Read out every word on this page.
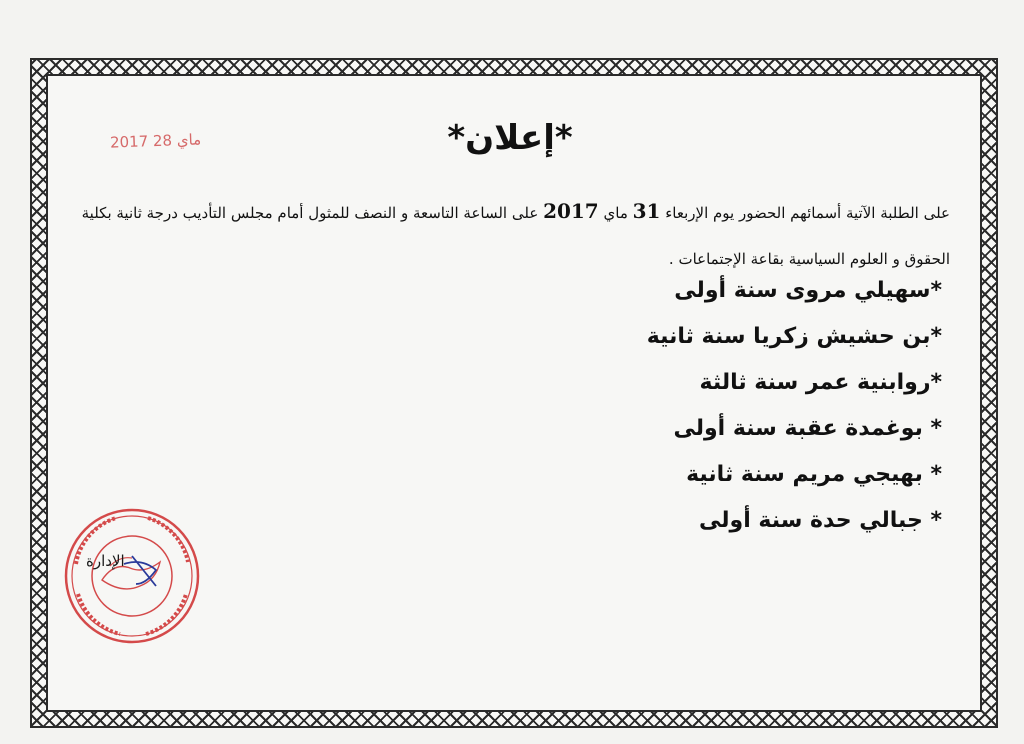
*إعلان*

على الطلبة الآتية أسمائهم الحضور يوم الإربعاء 31 ماي 2017 على الساعة التاسعة و النصف للمثول أمام مجلس التأديب درجة ثانية بكلية الحقوق و العلوم السياسية بقاعة الإجتماعات .

*سهيلي مروى سنة أولى
*بن حشيش زكريا سنة ثانية
*روابنية عمر سنة ثالثة
* بوغمدة عقبة سنة أولى
* بهيجي مريم سنة ثانية
* جبالي حدة سنة أولى
2017 ماي 28
الإدارة
